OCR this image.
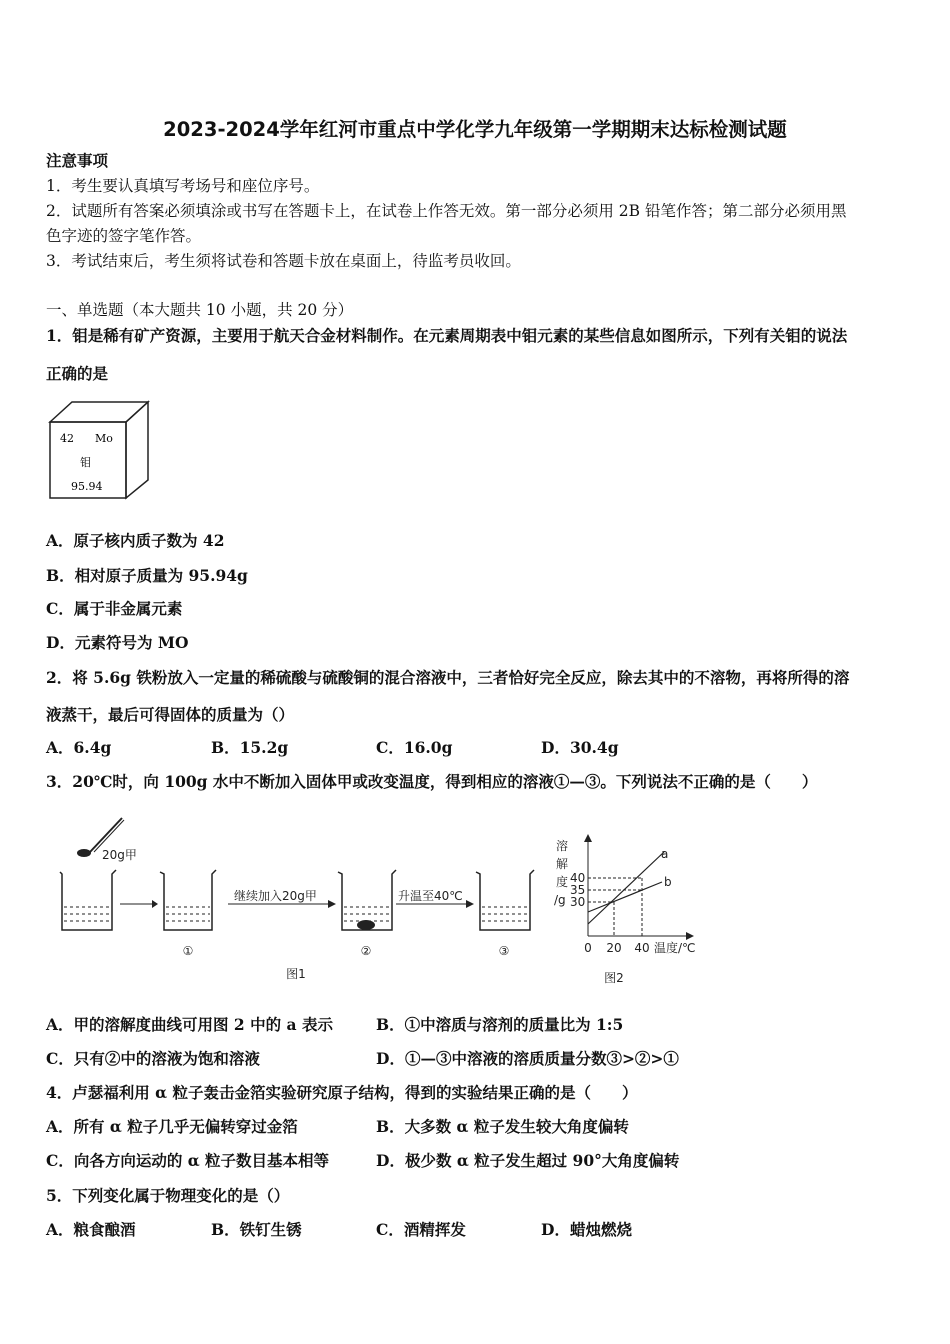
2023-2024学年红河市重点中学化学九年级第一学期期末达标检测试题
注意事项
1．考生要认真填写考场号和座位序号。
2．试题所有答案必须填涂或书写在答题卡上，在试卷上作答无效。第一部分必须用 2B 铅笔作答；第二部分必须用黑
色字迹的签字笔作答。
3．考试结束后，考生须将试卷和答题卡放在桌面上，待监考员收回。
一、单选题（本大题共 10 小题，共 20 分）
1．钼是稀有矿产资源，主要用于航天合金材料制作。在元素周期表中钼元素的某些信息如图所示，下列有关钼的说法
正确的是
42 Mo
钼
95.94
A．原子核内质子数为 42
B．相对原子质量为 95.94g
C．属于非金属元素
D．元素符号为 MO
2．将 5.6g 铁粉放入一定量的稀硫酸与硫酸铜的混合溶液中，三者恰好完全反应，除去其中的不溶物，再将所得的溶
液蒸干，最后可得固体的质量为（）
A．6.4g	B．15.2g	C．16.0g	D．30.4g
3．20℃时，向 100g 水中不断加入固体甲或改变温度，得到相应的溶液①—③。下列说法不正确的是（　　）
20g甲
①
继续加入20g甲
②
升温至40℃
③
图1
溶
解
度
/g
40
35
30
a
b
0 20 40 温度/℃
图2
A．甲的溶解度曲线可用图 2 中的 a 表示	B．①中溶质与溶剂的质量比为 1:5
C．只有②中的溶液为饱和溶液	D．①—③中溶液的溶质质量分数③>②>①
4．卢瑟福利用 α 粒子轰击金箔实验研究原子结构，得到的实验结果正确的是（　　）
A．所有 α 粒子几乎无偏转穿过金箔	B．大多数 α 粒子发生较大角度偏转
C．向各方向运动的 α 粒子数目基本相等	D．极少数 α 粒子发生超过 90°大角度偏转
5．下列变化属于物理变化的是（）
A．粮食酿酒	B．铁钉生锈	C．酒精挥发	D．蜡烛燃烧
